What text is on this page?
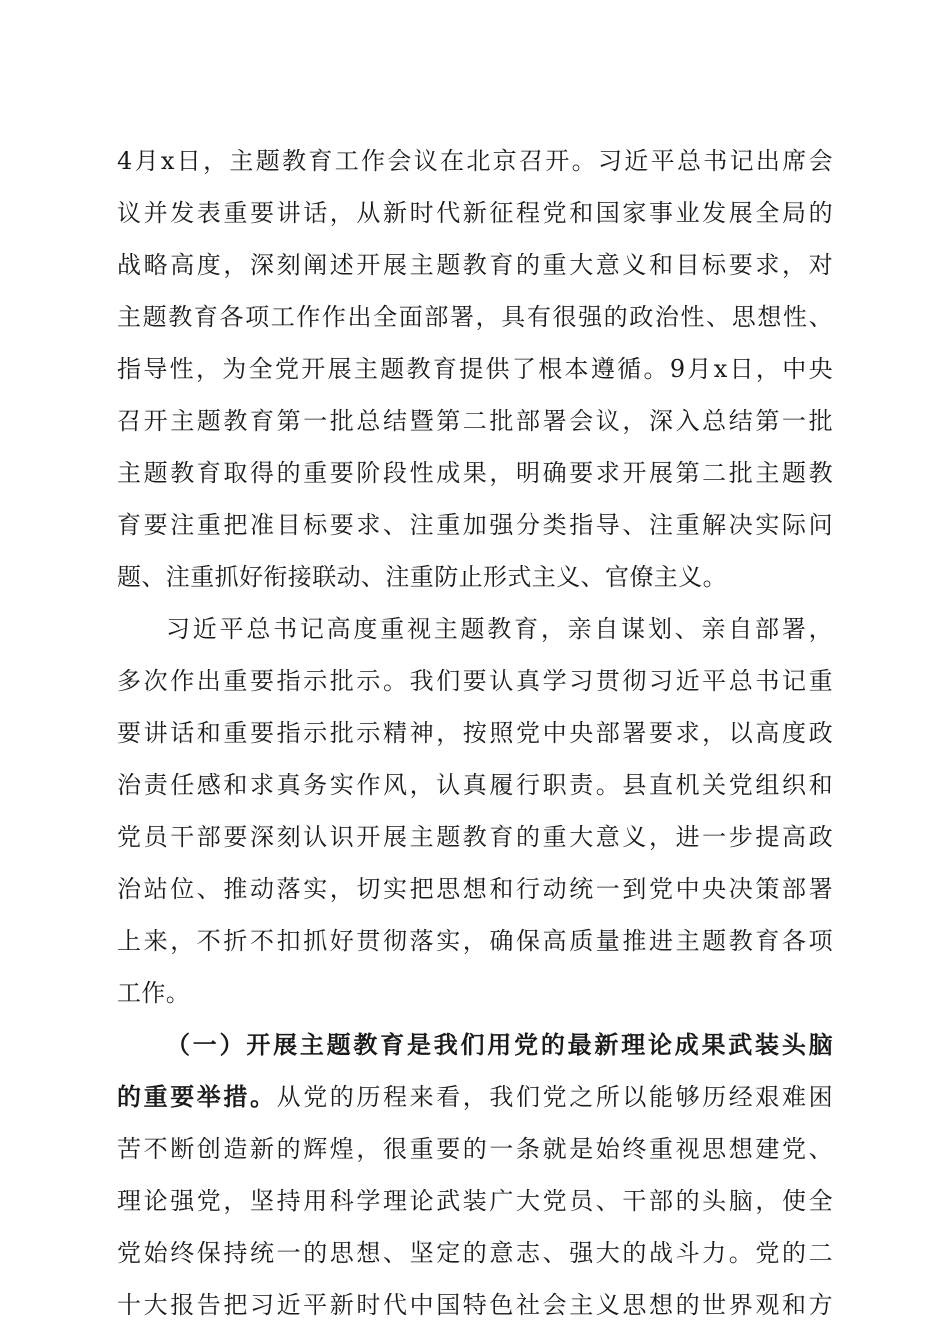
4月x日，主题教育工作会议在北京召开。习近平总书记出席会
议并发表重要讲话，从新时代新征程党和国家事业发展全局的
战略高度，深刻阐述开展主题教育的重大意义和目标要求，对
主题教育各项工作作出全面部署，具有很强的政治性、思想性、
指导性，为全党开展主题教育提供了根本遵循。9月x日，中央
召开主题教育第一批总结暨第二批部署会议，深入总结第一批
主题教育取得的重要阶段性成果，明确要求开展第二批主题教
育要注重把准目标要求、注重加强分类指导、注重解决实际问
题、注重抓好衔接联动、注重防止形式主义、官僚主义。
习近平总书记高度重视主题教育，亲自谋划、亲自部署，
多次作出重要指示批示。我们要认真学习贯彻习近平总书记重
要讲话和重要指示批示精神，按照党中央部署要求，以高度政
治责任感和求真务实作风，认真履行职责。县直机关党组织和
党员干部要深刻认识开展主题教育的重大意义，进一步提高政
治站位、推动落实，切实把思想和行动统一到党中央决策部署
上来，不折不扣抓好贯彻落实，确保高质量推进主题教育各项
工作。
（一）开展主题教育是我们用党的最新理论成果武装头脑
的重要举措。从党的历程来看，我们党之所以能够历经艰难困
苦不断创造新的辉煌，很重要的一条就是始终重视思想建党、
理论强党，坚持用科学理论武装广大党员、干部的头脑，使全
党始终保持统一的思想、坚定的意志、强大的战斗力。党的二
十大报告把习近平新时代中国特色社会主义思想的世界观和方
